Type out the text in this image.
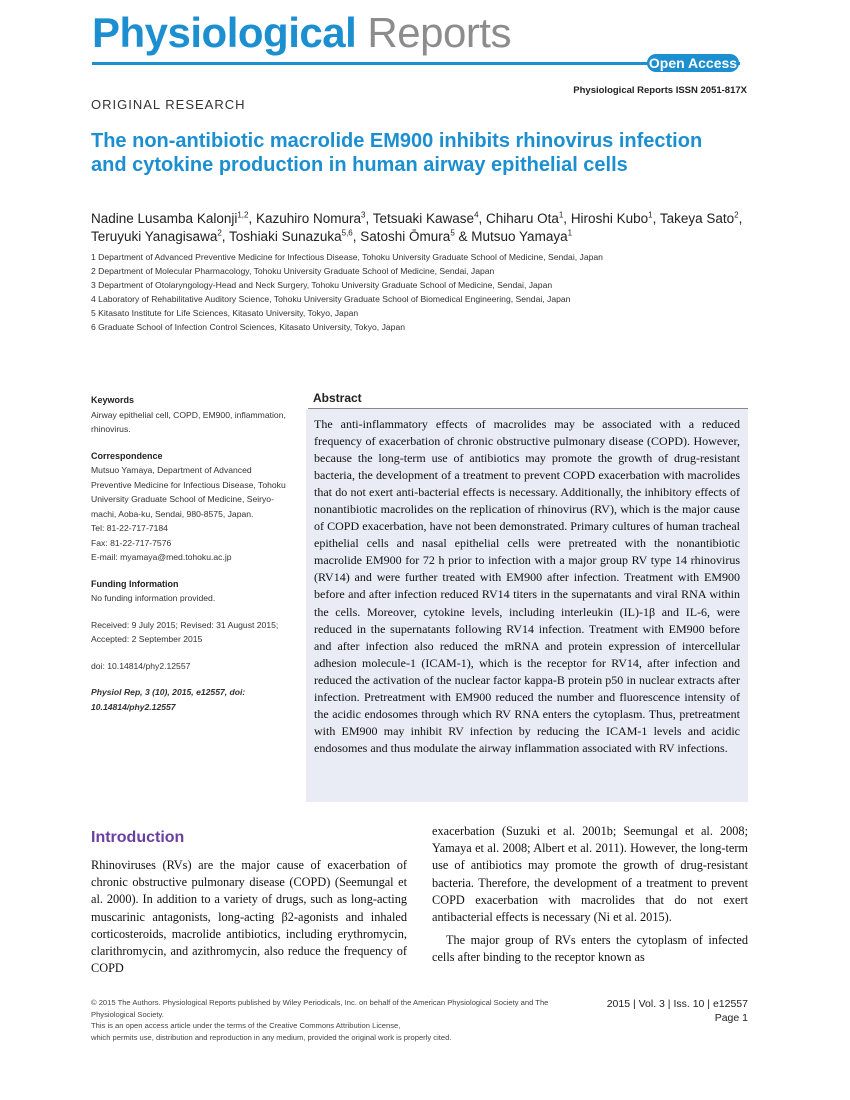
Physiological Reports
Open Access
Physiological Reports ISSN 2051-817X
ORIGINAL RESEARCH
The non-antibiotic macrolide EM900 inhibits rhinovirus infection and cytokine production in human airway epithelial cells
Nadine Lusamba Kalonji$^{1,2}$, Kazuhiro Nomura$^3$, Tetsuaki Kawase$^4$, Chiharu Ota$^1$, Hiroshi Kubo$^1$, Takeya Sato$^2$, Teruyuki Yanagisawa$^2$, Toshiaki Sunazuka$^{5,6}$, Satoshi Ōmura$^5$ & Mutsuo Yamaya$^1$
1 Department of Advanced Preventive Medicine for Infectious Disease, Tohoku University Graduate School of Medicine, Sendai, Japan
2 Department of Molecular Pharmacology, Tohoku University Graduate School of Medicine, Sendai, Japan
3 Department of Otolaryngology-Head and Neck Surgery, Tohoku University Graduate School of Medicine, Sendai, Japan
4 Laboratory of Rehabilitative Auditory Science, Tohoku University Graduate School of Biomedical Engineering, Sendai, Japan
5 Kitasato Institute for Life Sciences, Kitasato University, Tokyo, Japan
6 Graduate School of Infection Control Sciences, Kitasato University, Tokyo, Japan
Keywords
Airway epithelial cell, COPD, EM900, inflammation, rhinovirus.
Correspondence
Mutsuo Yamaya, Department of Advanced Preventive Medicine for Infectious Disease, Tohoku University Graduate School of Medicine, Seiryo-machi, Aoba-ku, Sendai, 980-8575, Japan.
Tel: 81-22-717-7184
Fax: 81-22-717-7576
E-mail: myamaya@med.tohoku.ac.jp
Funding Information
No funding information provided.
Received: 9 July 2015; Revised: 31 August 2015; Accepted: 2 September 2015
doi: 10.14814/phy2.12557
Physiol Rep, 3 (10), 2015, e12557, doi: 10.14814/phy2.12557
Abstract
The anti-inflammatory effects of macrolides may be associated with a reduced frequency of exacerbation of chronic obstructive pulmonary disease (COPD). However, because the long-term use of antibiotics may promote the growth of drug-resistant bacteria, the development of a treatment to prevent COPD exacerbation with macrolides that do not exert anti-bacterial effects is necessary. Additionally, the inhibitory effects of nonantibiotic macrolides on the replication of rhinovirus (RV), which is the major cause of COPD exacerbation, have not been demonstrated. Primary cultures of human tracheal epithelial cells and nasal epithelial cells were pretreated with the nonantibiotic macrolide EM900 for 72 h prior to infection with a major group RV type 14 rhinovirus (RV14) and were further treated with EM900 after infection. Treatment with EM900 before and after infection reduced RV14 titers in the supernatants and viral RNA within the cells. Moreover, cytokine levels, including interleukin (IL)-1β and IL-6, were reduced in the supernatants following RV14 infection. Treatment with EM900 before and after infection also reduced the mRNA and protein expression of intercellular adhesion molecule-1 (ICAM-1), which is the receptor for RV14, after infection and reduced the activation of the nuclear factor kappa-B protein p50 in nuclear extracts after infection. Pretreatment with EM900 reduced the number and fluorescence intensity of the acidic endosomes through which RV RNA enters the cytoplasm. Thus, pretreatment with EM900 may inhibit RV infection by reducing the ICAM-1 levels and acidic endosomes and thus modulate the airway inflammation associated with RV infections.
Introduction

Rhinoviruses (RVs) are the major cause of exacerbation of chronic obstructive pulmonary disease (COPD) (Seemungal et al. 2000). In addition to a variety of drugs, such as long-acting muscarinic antagonists, long-acting β2-agonists and inhaled corticosteroids, macrolide antibiotics, including erythromycin, clarithromycin, and azithromycin, also reduce the frequency of COPD

exacerbation (Suzuki et al. 2001b; Seemungal et al. 2008; Yamaya et al. 2008; Albert et al. 2011). However, the long-term use of antibiotics may promote the growth of drug-resistant bacteria. Therefore, the development of a treatment to prevent COPD exacerbation with macrolides that do not exert antibacterial effects is necessary (Ni et al. 2015).

The major group of RVs enters the cytoplasm of infected cells after binding to the receptor known as

© 2015 The Authors. Physiological Reports published by Wiley Periodicals, Inc. on behalf of the American Physiological Society and The Physiological Society.
This is an open access article under the terms of the Creative Commons Attribution License,
which permits use, distribution and reproduction in any medium, provided the original work is properly cited.
2015 | Vol. 3 | Iss. 10 | e12557
Page 1
